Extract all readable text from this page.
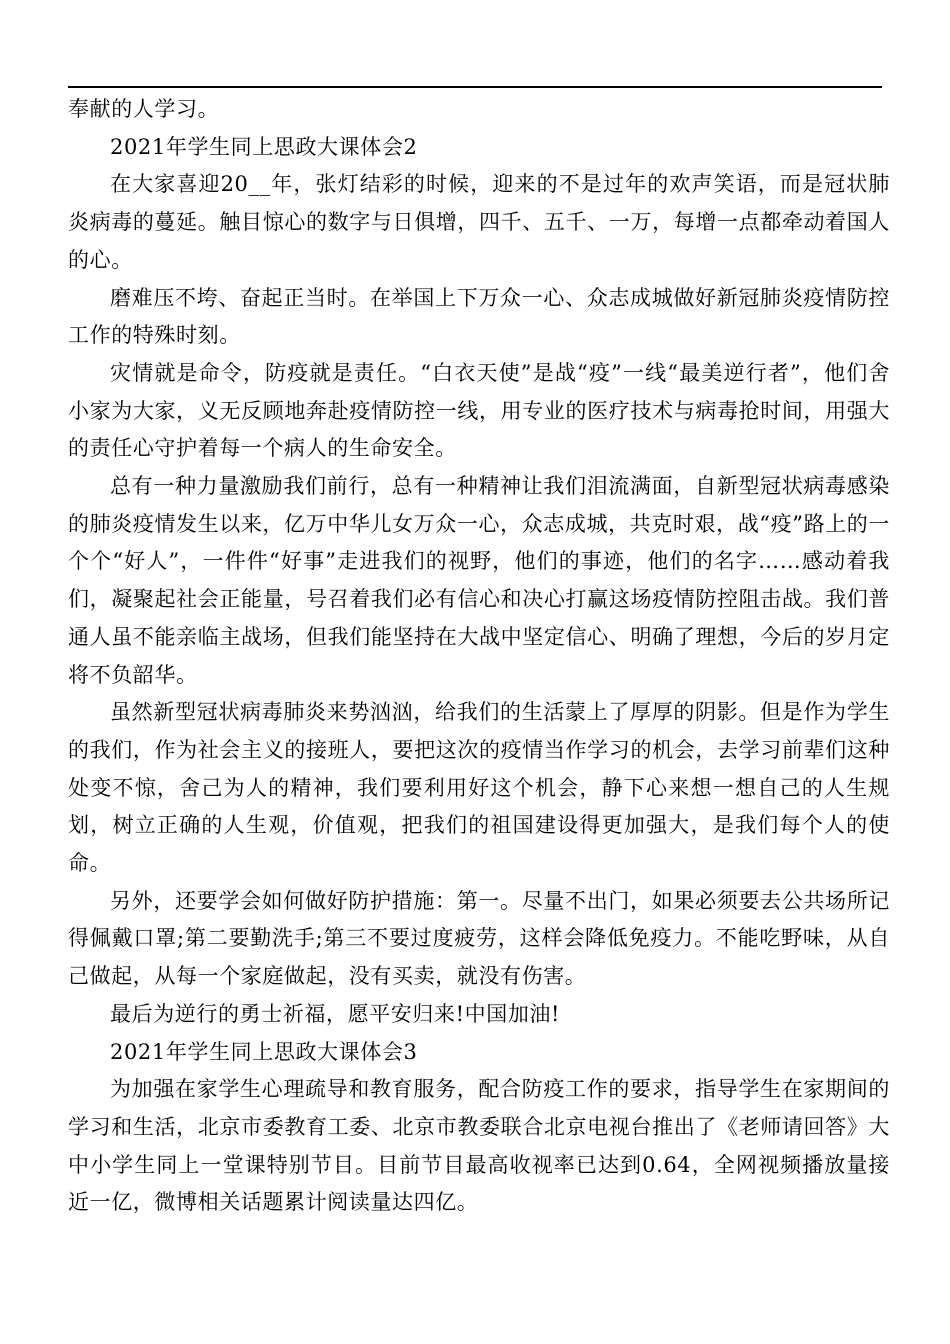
奉献的人学习。

2021年学生同上思政大课体会2

在大家喜迎20__年，张灯结彩的时候，迎来的不是过年的欢声笑语，而是冠状肺炎病毒的蔓延。触目惊心的数字与日俱增，四千、五千、一万，每增一点都牵动着国人的心。

磨难压不垮、奋起正当时。在举国上下万众一心、众志成城做好新冠肺炎疫情防控工作的特殊时刻。

灾情就是命令，防疫就是责任。“白衣天使”是战“疫”一线“最美逆行者”，他们舍小家为大家，义无反顾地奔赴疫情防控一线，用专业的医疗技术与病毒抢时间，用强大的责任心守护着每一个病人的生命安全。

总有一种力量激励我们前行，总有一种精神让我们泪流满面，自新型冠状病毒感染的肺炎疫情发生以来，亿万中华儿女万众一心，众志成城，共克时艰，战“疫”路上的一个个“好人”，一件件“好事”走进我们的视野，他们的事迹，他们的名字……感动着我们，凝聚起社会正能量，号召着我们必有信心和决心打赢这场疫情防控阻击战。我们普通人虽不能亲临主战场，但我们能坚持在大战中坚定信心、明确了理想，今后的岁月定将不负韶华。

虽然新型冠状病毒肺炎来势汹汹，给我们的生活蒙上了厚厚的阴影。但是作为学生的我们，作为社会主义的接班人，要把这次的疫情当作学习的机会，去学习前辈们这种处变不惊，舍己为人的精神，我们要利用好这个机会，静下心来想一想自己的人生规划，树立正确的人生观，价值观，把我们的祖国建设得更加强大，是我们每个人的使命。

另外，还要学会如何做好防护措施：第一。尽量不出门，如果必须要去公共场所记得佩戴口罩;第二要勤洗手;第三不要过度疲劳，这样会降低免疫力。不能吃野味，从自己做起，从每一个家庭做起，没有买卖，就没有伤害。

最后为逆行的勇士祈福，愿平安归来!中国加油!

2021年学生同上思政大课体会3

为加强在家学生心理疏导和教育服务，配合防疫工作的要求，指导学生在家期间的学习和生活，北京市委教育工委、北京市教委联合北京电视台推出了《老师请回答》大中小学生同上一堂课特别节目。目前节目最高收视率已达到0.64，全网视频播放量接近一亿，微博相关话题累计阅读量达四亿。
